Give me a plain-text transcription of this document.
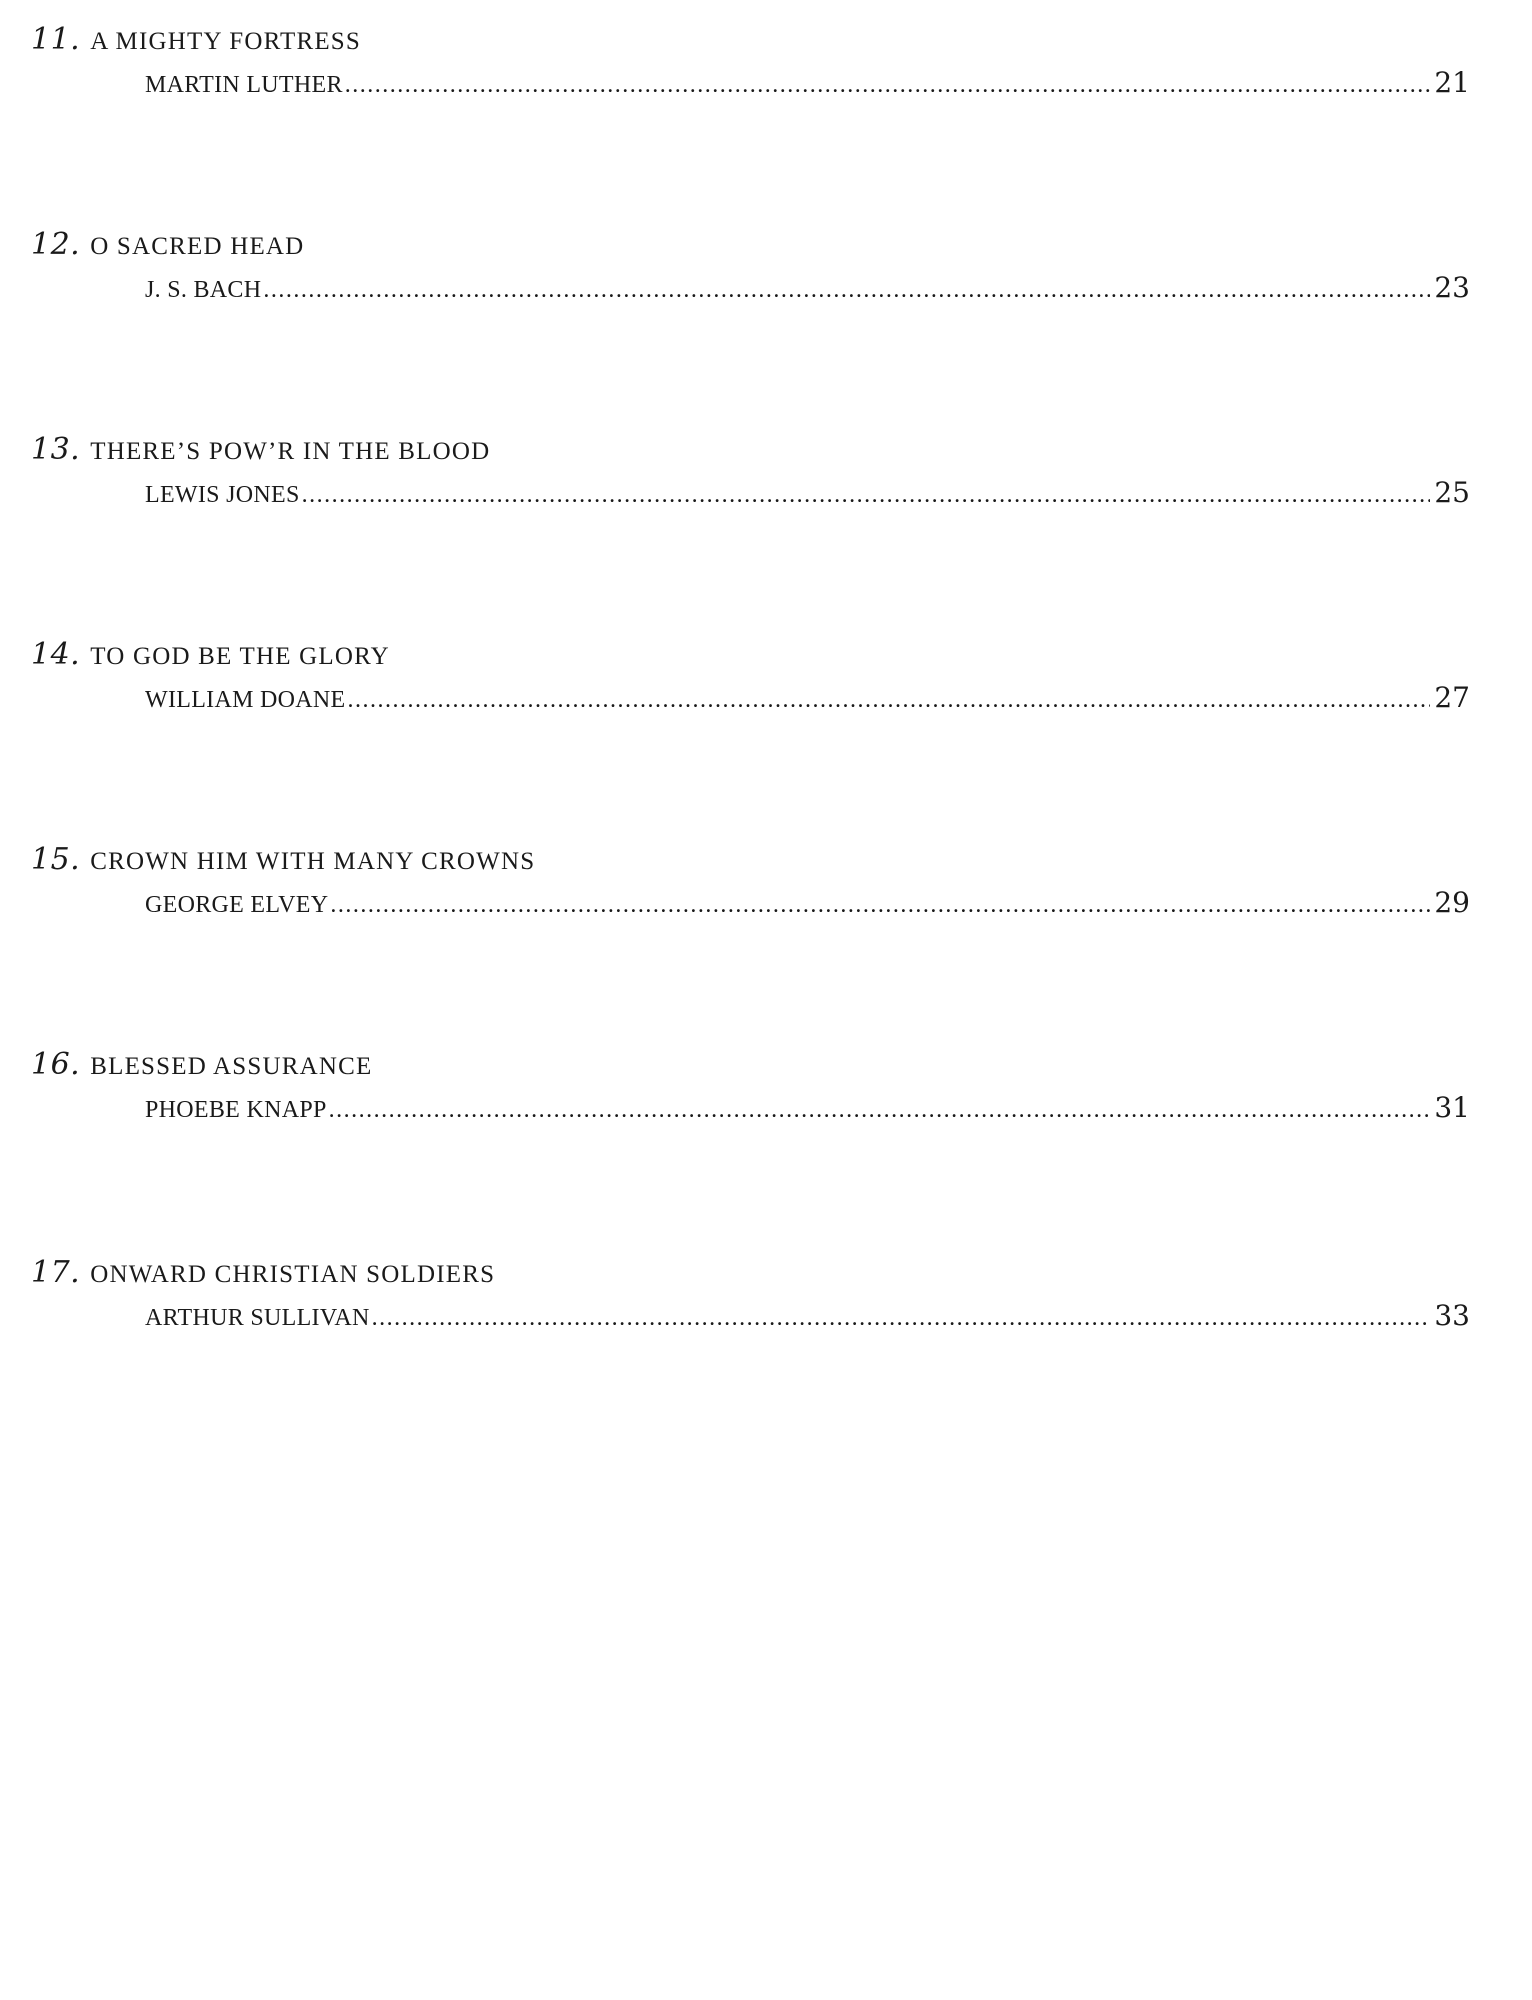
11. A MIGHTY FORTRESS
MARTIN LUTHER .....	21
12. O SACRED HEAD
J. S. BACH .....	23
13. THERE’S POW’R IN THE BLOOD
LEWIS JONES .....	25
14. TO GOD BE THE GLORY
WILLIAM DOANE .....	27
15. CROWN HIM WITH MANY CROWNS
GEORGE ELVEY .....	29
16. BLESSED ASSURANCE
PHOEBE KNAPP .....	31
17. ONWARD CHRISTIAN SOLDIERS
ARTHUR SULLIVAN .....	33
